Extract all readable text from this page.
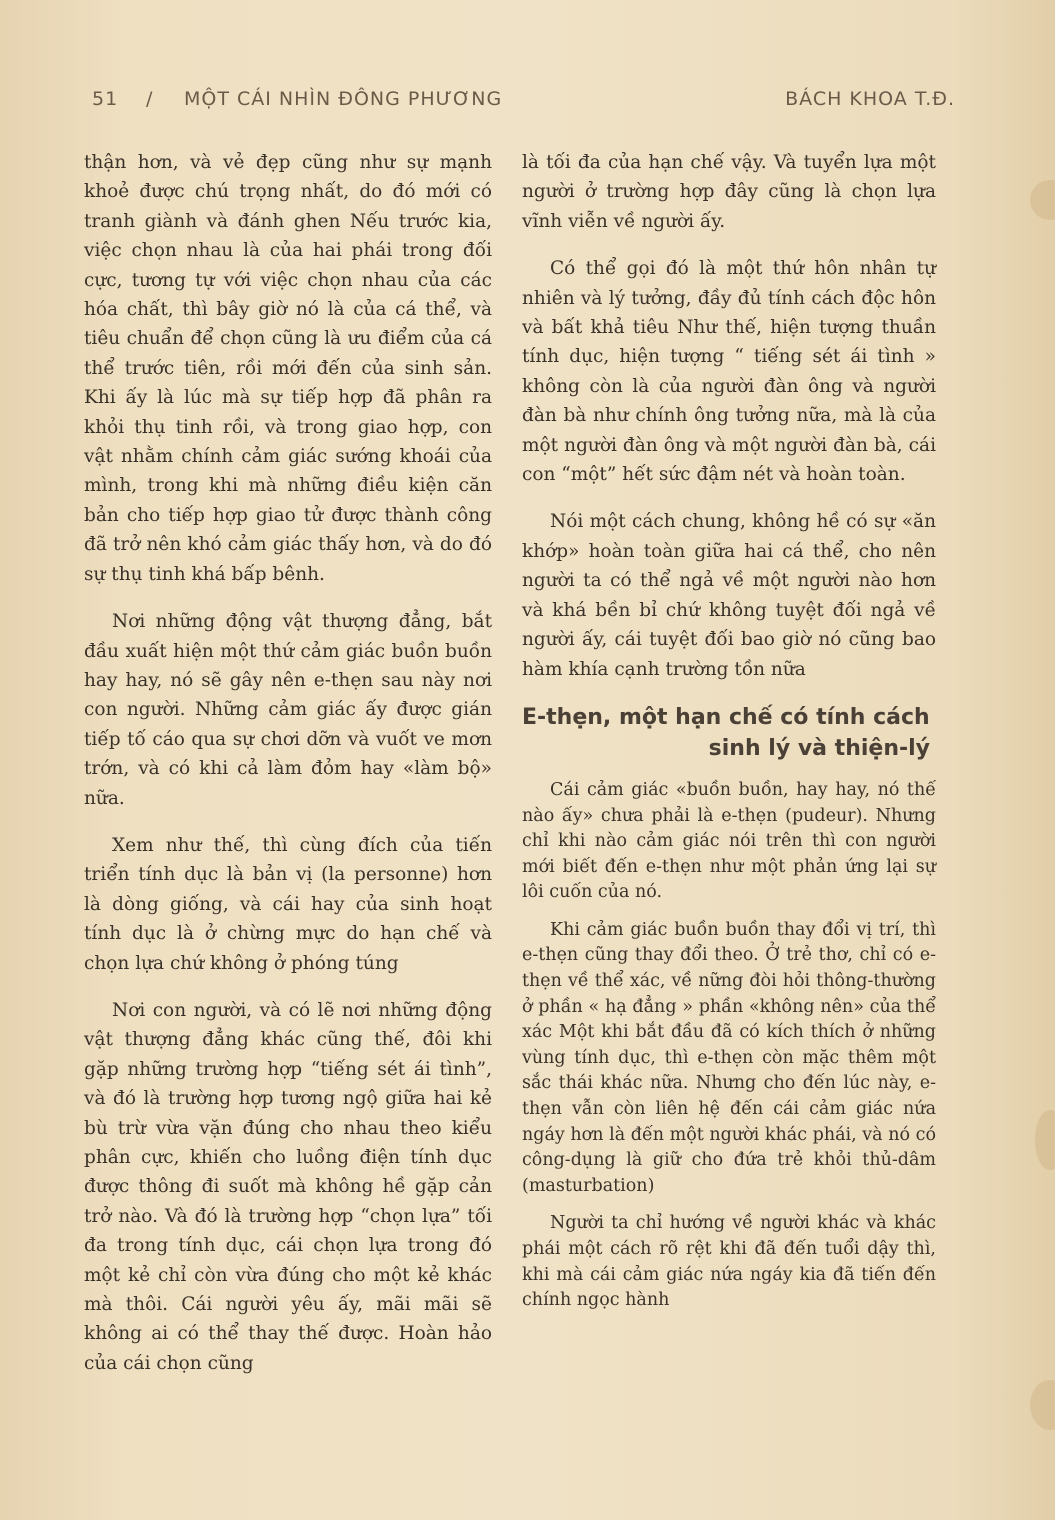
51 / MỘT CÁI NHÌN ĐÔNG PHƯƠNG	BÁCH KHOA T.Đ.

thận hơn, và vẻ đẹp cũng như sự mạnh khoẻ được chú trọng nhất, do đó mới có tranh giành và đánh ghen Nếu trước kia, việc chọn nhau là của hai phái trong đối cực, tương tự với việc chọn nhau của các hóa chất, thì bây giờ nó là của cá thể, và tiêu chuẩn để chọn cũng là ưu điểm của cá thể trước tiên, rồi mới đến của sinh sản. Khi ấy là lúc mà sự tiếp hợp đã phân ra khỏi thụ tinh rồi, và trong giao hợp, con vật nhằm chính cảm giác sướng khoái của mình, trong khi mà những điều kiện căn bản cho tiếp hợp giao tử được thành công đã trở nên khó cảm giác thấy hơn, và do đó sự thụ tinh khá bấp bênh.

Nơi những động vật thượng đẳng, bắt đầu xuất hiện một thứ cảm giác buồn buồn hay hay, nó sẽ gây nên e-thẹn sau này nơi con người. Những cảm giác ấy được gián tiếp tố cáo qua sự chơi dỡn và vuốt ve mơn trớn, và có khi cả làm đỏm hay «làm bộ» nữa.

Xem như thế, thì cùng đích của tiến triển tính dục là bản vị (la personne) hơn là dòng giống, và cái hay của sinh hoạt tính dục là ở chừng mực do hạn chế và chọn lựa chứ không ở phóng túng

Nơi con người, và có lẽ nơi những động vật thượng đẳng khác cũng thế, đôi khi gặp những trường hợp “tiếng sét ái tình”, và đó là trường hợp tương ngộ giữa hai kẻ bù trừ vừa vặn đúng cho nhau theo kiểu phân cực, khiến cho luồng điện tính dục được thông đi suốt mà không hề gặp cản trở nào. Và đó là trường hợp “chọn lựa” tối đa trong tính dục, cái chọn lựa trong đó một kẻ chỉ còn vừa đúng cho một kẻ khác mà thôi. Cái người yêu ấy, mãi mãi sẽ không ai có thể thay thế được. Hoàn hảo của cái chọn cũng

là tối đa của hạn chế vậy. Và tuyển lựa một người ở trường hợp đây cũng là chọn lựa vĩnh viễn về người ấy.

Có thể gọi đó là một thứ hôn nhân tự nhiên và lý tưởng, đầy đủ tính cách độc hôn và bất khả tiêu Như thế, hiện tượng thuần tính dục, hiện tượng “ tiếng sét ái tình » không còn là của người đàn ông và người đàn bà như chính ông tưởng nữa, mà là của một người đàn ông và một người đàn bà, cái con “một” hết sức đậm nét và hoàn toàn.

Nói một cách chung, không hề có sự «ăn khớp» hoàn toàn giữa hai cá thể, cho nên người ta có thể ngả về một người nào hơn và khá bền bỉ chứ không tuyệt đối ngả về người ấy, cái tuyệt đối bao giờ nó cũng bao hàm khía cạnh trường tồn nữa

E-thẹn, một hạn chế có tính cách
sinh lý và thiện-lý

Cái cảm giác «buồn buồn, hay hay, nó thế nào ấy» chưa phải là e-thẹn (pudeur). Nhưng chỉ khi nào cảm giác nói trên thì con người mới biết đến e-thẹn như một phản ứng lại sự lôi cuốn của nó.

Khi cảm giác buồn buồn thay đổi vị trí, thì e-thẹn cũng thay đổi theo. Ở trẻ thơ, chỉ có e-thẹn về thể xác, về nững đòi hỏi thông-thường ở phần « hạ đẳng » phần «không nên» của thể xác Một khi bắt đầu đã có kích thích ở những vùng tính dục, thì e-thẹn còn mặc thêm một sắc thái khác nữa. Nhưng cho đến lúc này, e-thẹn vẫn còn liên hệ đến cái cảm giác nứa ngáy hơn là đến một người khác phái, và nó có công-dụng là giữ cho đứa trẻ khỏi thủ-dâm (masturbation)

Người ta chỉ hướng về người khác và khác phái một cách rõ rệt khi đã đến tuổi dậy thì, khi mà cái cảm giác nứa ngáy kia đã tiến đến chính ngọc hành
